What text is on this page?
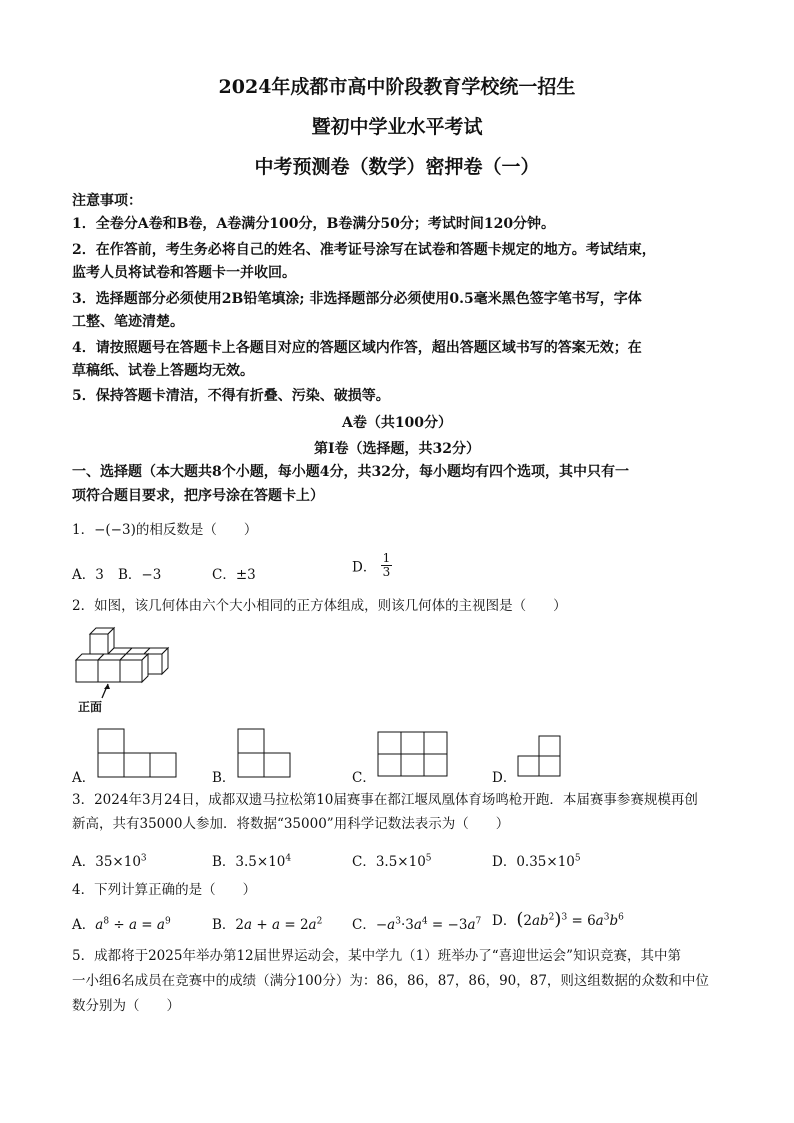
2024年成都市高中阶段教育学校统一招生
暨初中学业水平考试
中考预测卷（数学）密押卷（一）
注意事项：
1．全卷分A卷和B卷，A卷满分100分，B卷满分50分；考试时间120分钟。
2．在作答前，考生务必将自己的姓名、准考证号涂写在试卷和答题卡规定的地方。考试结束，
监考人员将试卷和答题卡一并收回。
3．选择题部分必须使用2B铅笔填涂; 非选择题部分必须使用0.5毫米黑色签字笔书写，字体
工整、笔迹清楚。
4．请按照题号在答题卡上各题目对应的答题区域内作答，超出答题区域书写的答案无效；在
草稿纸、试卷上答题均无效。
5．保持答题卡清洁，不得有折叠、污染、破损等。
A卷（共100分）
第Ⅰ卷（选择题，共32分）
一、选择题（本大题共8个小题，每小题4分，共32分，每小题均有四个选项，其中只有一
项符合题目要求，把序号涂在答题卡上）
1．−(−3)的相反数是（　　）
A．3 B．−3	C．±3	D． $\frac{1}{3}$
2．如图，该几何体由六个大小相同的正方体组成，则该几何体的主视图是（　　）
正面
A．	B．	C．	D．
3．2024年3月24日，成都双遗马拉松第10届赛事在都江堰凤凰体育场鸣枪开跑．本届赛事参赛规模再创
新高，共有35000人参加．将数据“35000”用科学记数法表示为（　　）
A．$35\times 10^3$	B．$3.5\times 10^4$	C．$3.5\times 10^5$	D．$0.35\times 10^5$
4．下列计算正确的是（　　）
A．$a^8 \div a = a^9$	B．$2a + a = 2a^2$ C．$-a^3\cdot 3a^4 = -3a^7$ D．$(2ab^2)^3 = 6a^3b^6$
5．成都将于2025年举办第12届世界运动会，某中学九（1）班举办了“喜迎世运会”知识竞赛，其中第
一小组6名成员在竞赛中的成绩（满分100分）为：86，86，87，86，90，87，则这组数据的众数和中位
数分别为（　　）
